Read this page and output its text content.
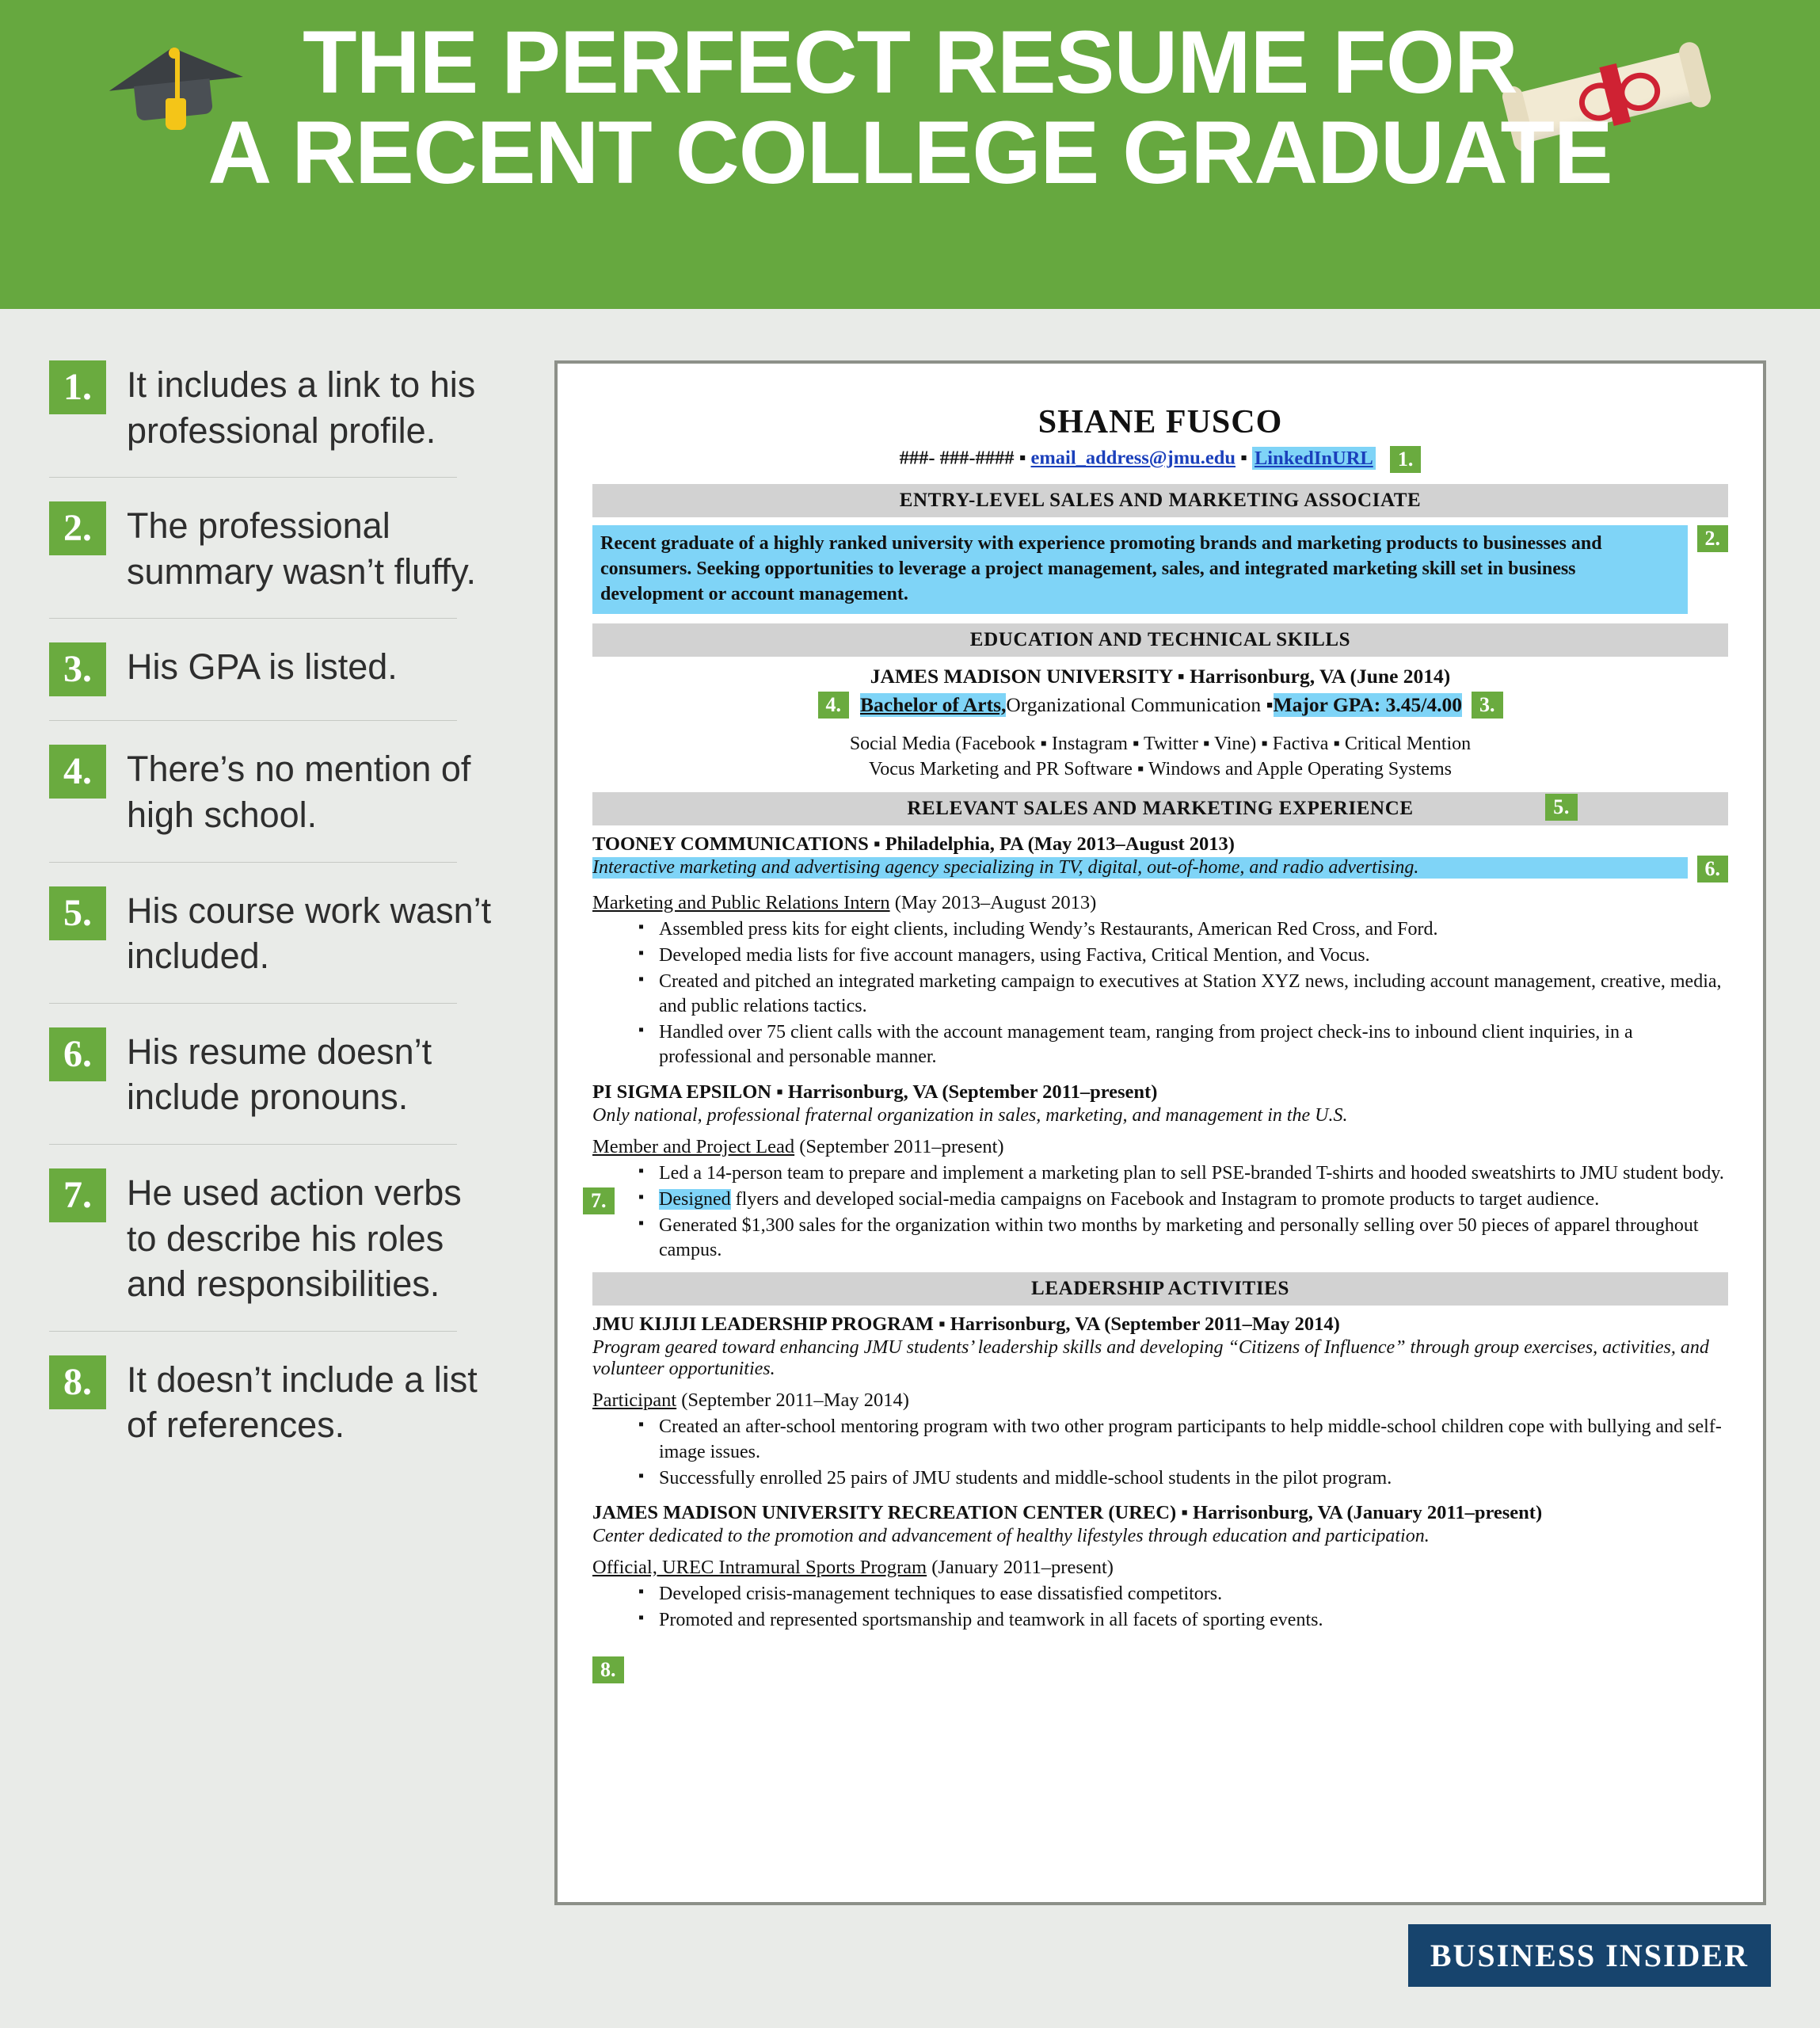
THE PERFECT RESUME FOR
A RECENT COLLEGE GRADUATE
1. It includes a link to his professional profile.
2. The professional summary wasn’t fluffy.
3. His GPA is listed.
4. There’s no mention of high school.
5. His course work wasn’t included.
6. His resume doesn’t include pronouns.
7. He used action verbs to describe his roles and responsibilities.
8. It doesn’t include a list of references.
SHANE FUSCO
###- ###-#### ▪ email_address@jmu.edu ▪ LinkedInURL 1.
ENTRY-LEVEL SALES AND MARKETING ASSOCIATE
Recent graduate of a highly ranked university with experience promoting brands and marketing products to businesses and consumers. Seeking opportunities to leverage a project management, sales, and integrated marketing skill set in business development or account management.
2.
EDUCATION AND TECHNICAL SKILLS
JAMES MADISON UNIVERSITY ▪ Harrisonburg, VA (June 2014)
4. Bachelor of Arts, Organizational Communication ▪ Major GPA: 3.45/4.00 3.
Social Media (Facebook ▪ Instagram ▪ Twitter ▪ Vine) ▪ Factiva ▪ Critical Mention
Vocus Marketing and PR Software ▪ Windows and Apple Operating Systems
RELEVANT SALES AND MARKETING EXPERIENCE	5.
TOONEY COMMUNICATIONS ▪ Philadelphia, PA (May 2013–August 2013)
Interactive marketing and advertising agency specializing in TV, digital, out-of-home, and radio advertising.	6.
Marketing and Public Relations Intern (May 2013–August 2013)
▪ Assembled press kits for eight clients, including Wendy’s Restaurants, American Red Cross, and Ford.
▪ Developed media lists for five account managers, using Factiva, Critical Mention, and Vocus.
▪ Created and pitched an integrated marketing campaign to executives at Station XYZ news, including account management, creative, media, and public relations tactics.
▪ Handled over 75 client calls with the account management team, ranging from project check-ins to inbound client inquiries, in a professional and personable manner.
PI SIGMA EPSILON ▪ Harrisonburg, VA (September 2011–present)
Only national, professional fraternal organization in sales, marketing, and management in the U.S.
Member and Project Lead (September 2011–present)
▪ Led a 14-person team to prepare and implement a marketing plan to sell PSE-branded T-shirts and hooded sweatshirts to JMU student body.
▪ 7.	Designed flyers and developed social-media campaigns on Facebook and Instagram to promote products to target audience.
▪ Generated $1,300 sales for the organization within two months by marketing and personally selling over 50 pieces of apparel throughout campus.
LEADERSHIP ACTIVITIES
JMU KIJIJI LEADERSHIP PROGRAM ▪ Harrisonburg, VA (September 2011–May 2014)
Program geared toward enhancing JMU students’ leadership skills and developing “Citizens of Influence” through group exercises, activities, and volunteer opportunities.
Participant (September 2011–May 2014)
▪ Created an after-school mentoring program with two other program participants to help middle-school children cope with bullying and self-image issues.
▪ Successfully enrolled 25 pairs of JMU students and middle-school students in the pilot program.
JAMES MADISON UNIVERSITY RECREATION CENTER (UREC) ▪ Harrisonburg, VA (January 2011–present)
Center dedicated to the promotion and advancement of healthy lifestyles through education and participation.
Official, UREC Intramural Sports Program (January 2011–present)
▪ Developed crisis-management techniques to ease dissatisfied competitors.
▪ Promoted and represented sportsmanship and teamwork in all facets of sporting events.
8.
BUSINESS INSIDER
